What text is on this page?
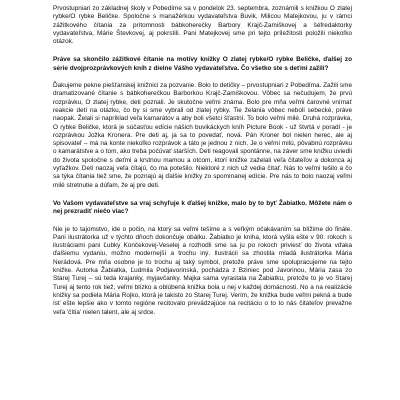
Prvostupniari zo základnej školy v Pobedíme sa v pondelok 23. septembra, zoznámili s knižkou O zlatej rybke/O rybke Beličke. Spoločne s manažérkou vydavateľstva Buvik, Milicou Matejkovou, ju v rámci zážitkového čítania za prítomnosti bábkoherečky Barbory Krajč-Zamiškovej a šéfredaktorky vydavateľstva, Márie Števkovej, aj pokrstili. Pani Matejkovej sme pri tejto príležitosti položili niekoľko otázok.

Práve sa skončilo zážitkové čítanie na motívy knižky O zlatej rybke/O rybke Beličke, ďalšej zo série dvojprozprávkových kníh z dielne Vášho vydavateľstva. Čo všetko ste s deťmi zažili?

Ďakujeme pekne piešťanskej knižnici za pozvanie. Bolo to detičky – prvostupniari z Pobedíma. Zažili sme dramatizované čítanie s bábkoherečkou Barborkou Krajč-Zamiškovou. Vôbec sa nečudujem, že prvú rozprávku, O zlatej rybke, deti poznali. Je skutočne veľmi známa. Bolo pre mňa veľmi čarovné vnímať reakcie detí na otázku, čo by si sme vybrali od zlatej rybky. Tie želania vôbec neboli sebecké, práve naopak. Želali si napríklad veľa kamarátov a aby boli všetci šťastní. To bolo veľmi milé. Druhá rozprávka, O rybke Beličke, ktorá je súčasťou edície nášich buvikáckych kníh Picture Book - už štvrtá v poradí - je rozprávkou Jožka Kronera. Pre deti aj, ja sa to povedať, nová. Pán Kroner bol nielen herec, ale aj spisovateľ – má na konte niekoľko rozprávok a táto je jednou z nich. Je o veľmi milú, pôvabnú rozprávku o kamarátstve a o tom, ako treba počúvať starších. Deti reagovali spontánne, na záver sme knižku uviedli do života spoločne s deťmi a krstnou mamou a otcom, ktorí knižke zaželali veľa čitateľov a dokonca aj vyťažkov. Deti naozaj veľa čítajú, čo ma potešilo. Niektoré z nich už vedia čítať. Nás to veľmi tešilo a čo sa týka čítania tiež sme, že poznajú aj ďalšie knižky zo spomínanej edície. Pre nás to bolo naozaj veľmi milé stretnutie a dúfam, že aj pre deti.

Vo Vašom vydavateľstve sa vraj schyľuje k ďalšej knižke, malo by to byť Žabiatko. Môžete nám o nej prezradiť niečo viac?

Nie je to tajomstvo, ide o počin, na ktorý sa veľmi tešíme a s veľkým očakávaním sa blížime do finále. Pani ilustrátorka už v týchto dňoch dokončuje obálku. Žabiatko je kniha, ktorá vyšla ešte v 90. rokoch s ilustráciami pani Ľubky Končekovej-Veselej a rozhodli sme sa ju po rokoch priviesť do života vďaka ďalšiemu vydaniu, možno modernejší a trochu iný. Ilustrácii sa zhostila mladá ilustrátorka Mária Nerádová. Pre mňa osobne je to trochu aj taký symbol, pretože práve sme spolupracujeme na tejto knižke. Autorka Žabiatka, Ľudmila Podjavorinská, pochádza z Bziniec pod Javorinou, Mária zasa zo Starej Turej – sú teda krajanky, myjavčanky. Majka sama vyrastala na Žabiatku, pretože to je vo Starej Turej aj tento rok tiež, veľmi blízko a oblúbená knižka bola u nej v každej domácnosti. No a na realizácie knižky sa podiela Mária Rojko, ktorá je takisto zo Starej Turej. Verím, že knižka bude veľmi pekná a bude ísť ešte lepšie ako v tomto regióne recitovalo prevádzajúce na recitáciu o to to nás čitateľov prevažne veľa 'čítia' nielen talent, ale aj srdce.
